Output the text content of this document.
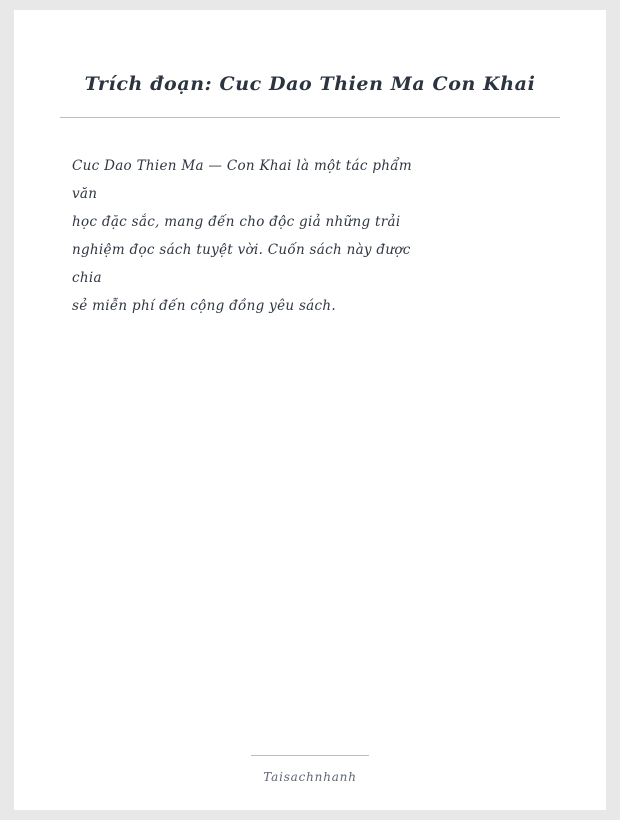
Trích đoạn: Cuc Dao Thien Ma Con Khai
Cuc Dao Thien Ma — Con Khai là một tác phẩm
văn
học đặc sắc, mang đến cho độc giả những trải
nghiệm đọc sách tuyệt vời. Cuốn sách này được
chia
sẻ miễn phí đến cộng đồng yêu sách.
Taisachnhanh
